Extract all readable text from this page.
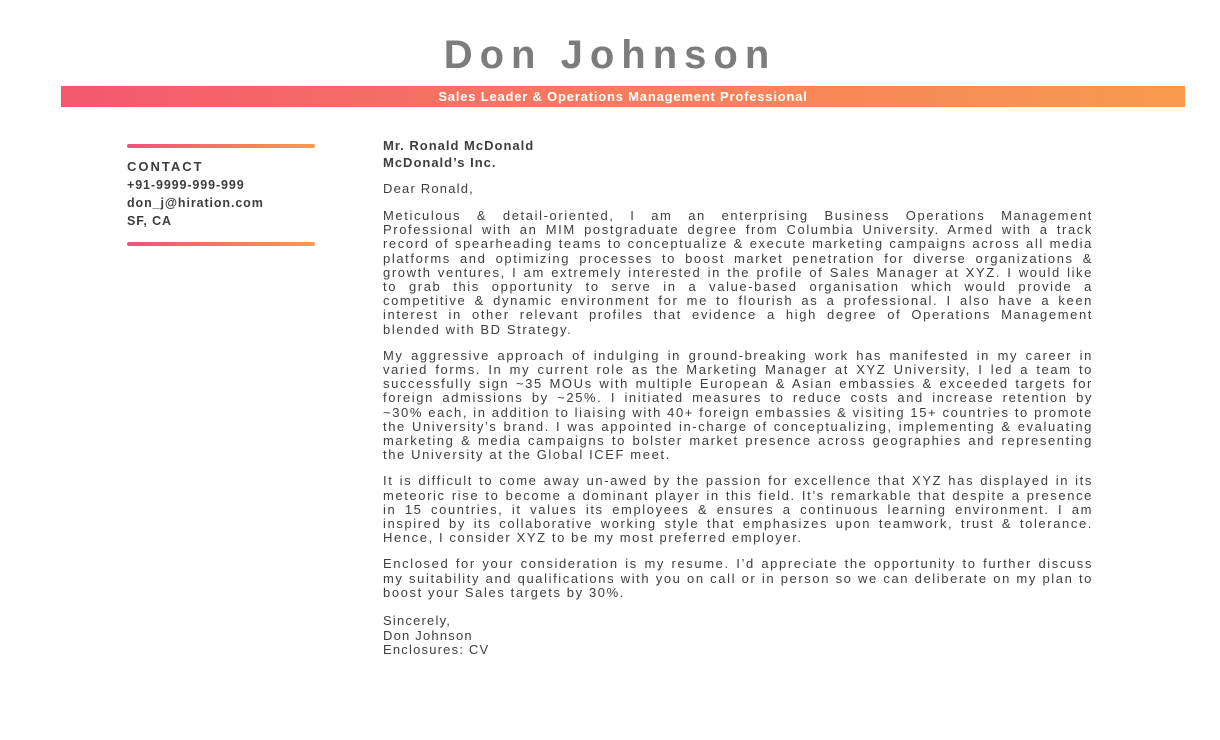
Don Johnson
Sales Leader & Operations Management Professional
CONTACT
+91-9999-999-999
don_j@hiration.com
SF, CA

Mr. Ronald McDonald

McDonald’s Inc.

Dear Ronald,

Meticulous & detail-oriented, I am an enterprising Business Operations Management Professional with an MIM postgraduate degree from Columbia University. Armed with a track record of spearheading teams to conceptualize & execute marketing campaigns across all media platforms and optimizing processes to boost market penetration for diverse organizations & growth ventures, I am extremely interested in the profile of Sales Manager at XYZ. I would like to grab this opportunity to serve in a value-based organisation which would provide a competitive & dynamic environment for me to flourish as a professional. I also have a keen interest in other relevant profiles that evidence a high degree of Operations Management blended with BD Strategy.

My aggressive approach of indulging in ground-breaking work has manifested in my career in varied forms. In my current role as the Marketing Manager at XYZ University, I led a team to successfully sign ~35 MOUs with multiple European & Asian embassies & exceeded targets for foreign admissions by ~25%. I initiated measures to reduce costs and increase retention by ~30% each, in addition to liaising with 40+ foreign embassies & visiting 15+ countries to promote the University’s brand. I was appointed in-charge of conceptualizing, implementing & evaluating marketing & media campaigns to bolster market presence across geographies and representing the University at the Global ICEF meet.

It is difficult to come away un-awed by the passion for excellence that XYZ has displayed in its meteoric rise to become a dominant player in this field. It’s remarkable that despite a presence in 15 countries, it values its employees & ensures a continuous learning environment. I am inspired by its collaborative working style that emphasizes upon teamwork, trust & tolerance. Hence, I consider XYZ to be my most preferred employer.

Enclosed for your consideration is my resume. I’d appreciate the opportunity to further discuss my suitability and qualifications with you on call or in person so we can deliberate on my plan to boost your Sales targets by 30%.

Sincerely,

Don Johnson

Enclosures: CV
